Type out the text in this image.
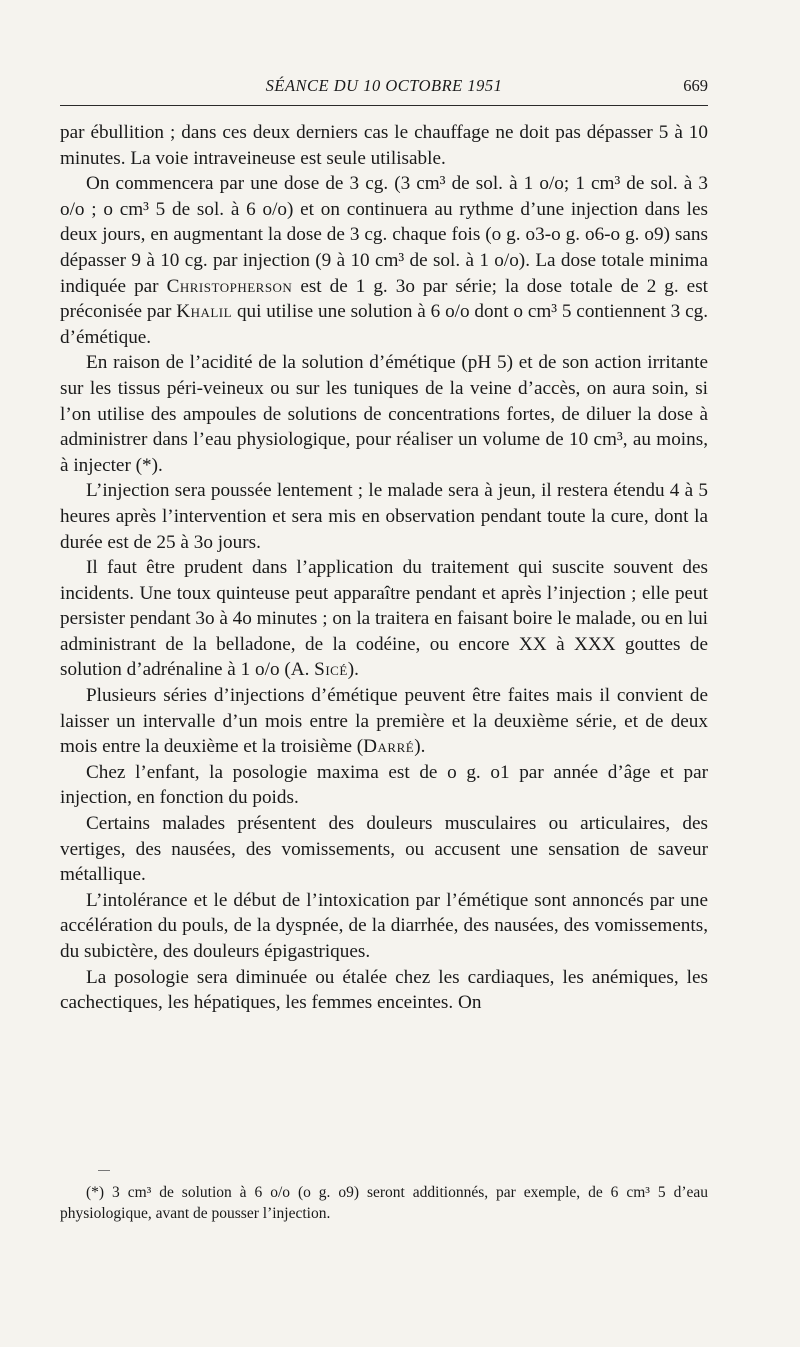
SÉANCE DU 10 OCTOBRE 1951	669

par ébullition ; dans ces deux derniers cas le chauffage ne doit pas dépasser 5 à 10 minutes. La voie intraveineuse est seule utilisable.

On commencera par une dose de 3 cg. (3 cm³ de sol. à 1 o/o; 1 cm³ de sol. à 3 o/o ; o cm³ 5 de sol. à 6 o/o) et on continuera au rythme d’une injection dans les deux jours, en augmentant la dose de 3 cg. chaque fois (o g. o3-o g. o6-o g. o9) sans dépasser 9 à 10 cg. par injection (9 à 10 cm³ de sol. à 1 o/o). La dose totale minima indiquée par Christopherson est de 1 g. 3o par série; la dose totale de 2 g. est préconisée par Khalil qui utilise une solution à 6 o/o dont o cm³ 5 contiennent 3 cg. d’émétique.

En raison de l’acidité de la solution d’émétique (pH 5) et de son action irritante sur les tissus péri-veineux ou sur les tuniques de la veine d’accès, on aura soin, si l’on utilise des ampoules de solutions de concentrations fortes, de diluer la dose à administrer dans l’eau physiologique, pour réaliser un volume de 10 cm³, au moins, à injecter (*).

L’injection sera poussée lentement ; le malade sera à jeun, il restera étendu 4 à 5 heures après l’intervention et sera mis en observation pendant toute la cure, dont la durée est de 25 à 3o jours.

Il faut être prudent dans l’application du traitement qui suscite souvent des incidents. Une toux quinteuse peut apparaître pendant et après l’injection ; elle peut persister pendant 3o à 4o minutes ; on la traitera en faisant boire le malade, ou en lui administrant de la belladone, de la codéine, ou encore XX à XXX gouttes de solution d’adrénaline à 1 o/o (A. Sicé).

Plusieurs séries d’injections d’émétique peuvent être faites mais il convient de laisser un intervalle d’un mois entre la première et la deuxième série, et de deux mois entre la deuxième et la troisième (Darré).

Chez l’enfant, la posologie maxima est de o g. o1 par année d’âge et par injection, en fonction du poids.

Certains malades présentent des douleurs musculaires ou articulaires, des vertiges, des nausées, des vomissements, ou accusent une sensation de saveur métallique.

L’intolérance et le début de l’intoxication par l’émétique sont annoncés par une accélération du pouls, de la dyspnée, de la diarrhée, des nausées, des vomissements, du subictère, des douleurs épigastriques.

La posologie sera diminuée ou étalée chez les cardiaques, les anémiques, les cachectiques, les hépatiques, les femmes enceintes. On

(*) 3 cm³ de solution à 6 o/o (o g. o9) seront additionnés, par exemple, de 6 cm³ 5 d’eau physiologique, avant de pousser l’injection.
